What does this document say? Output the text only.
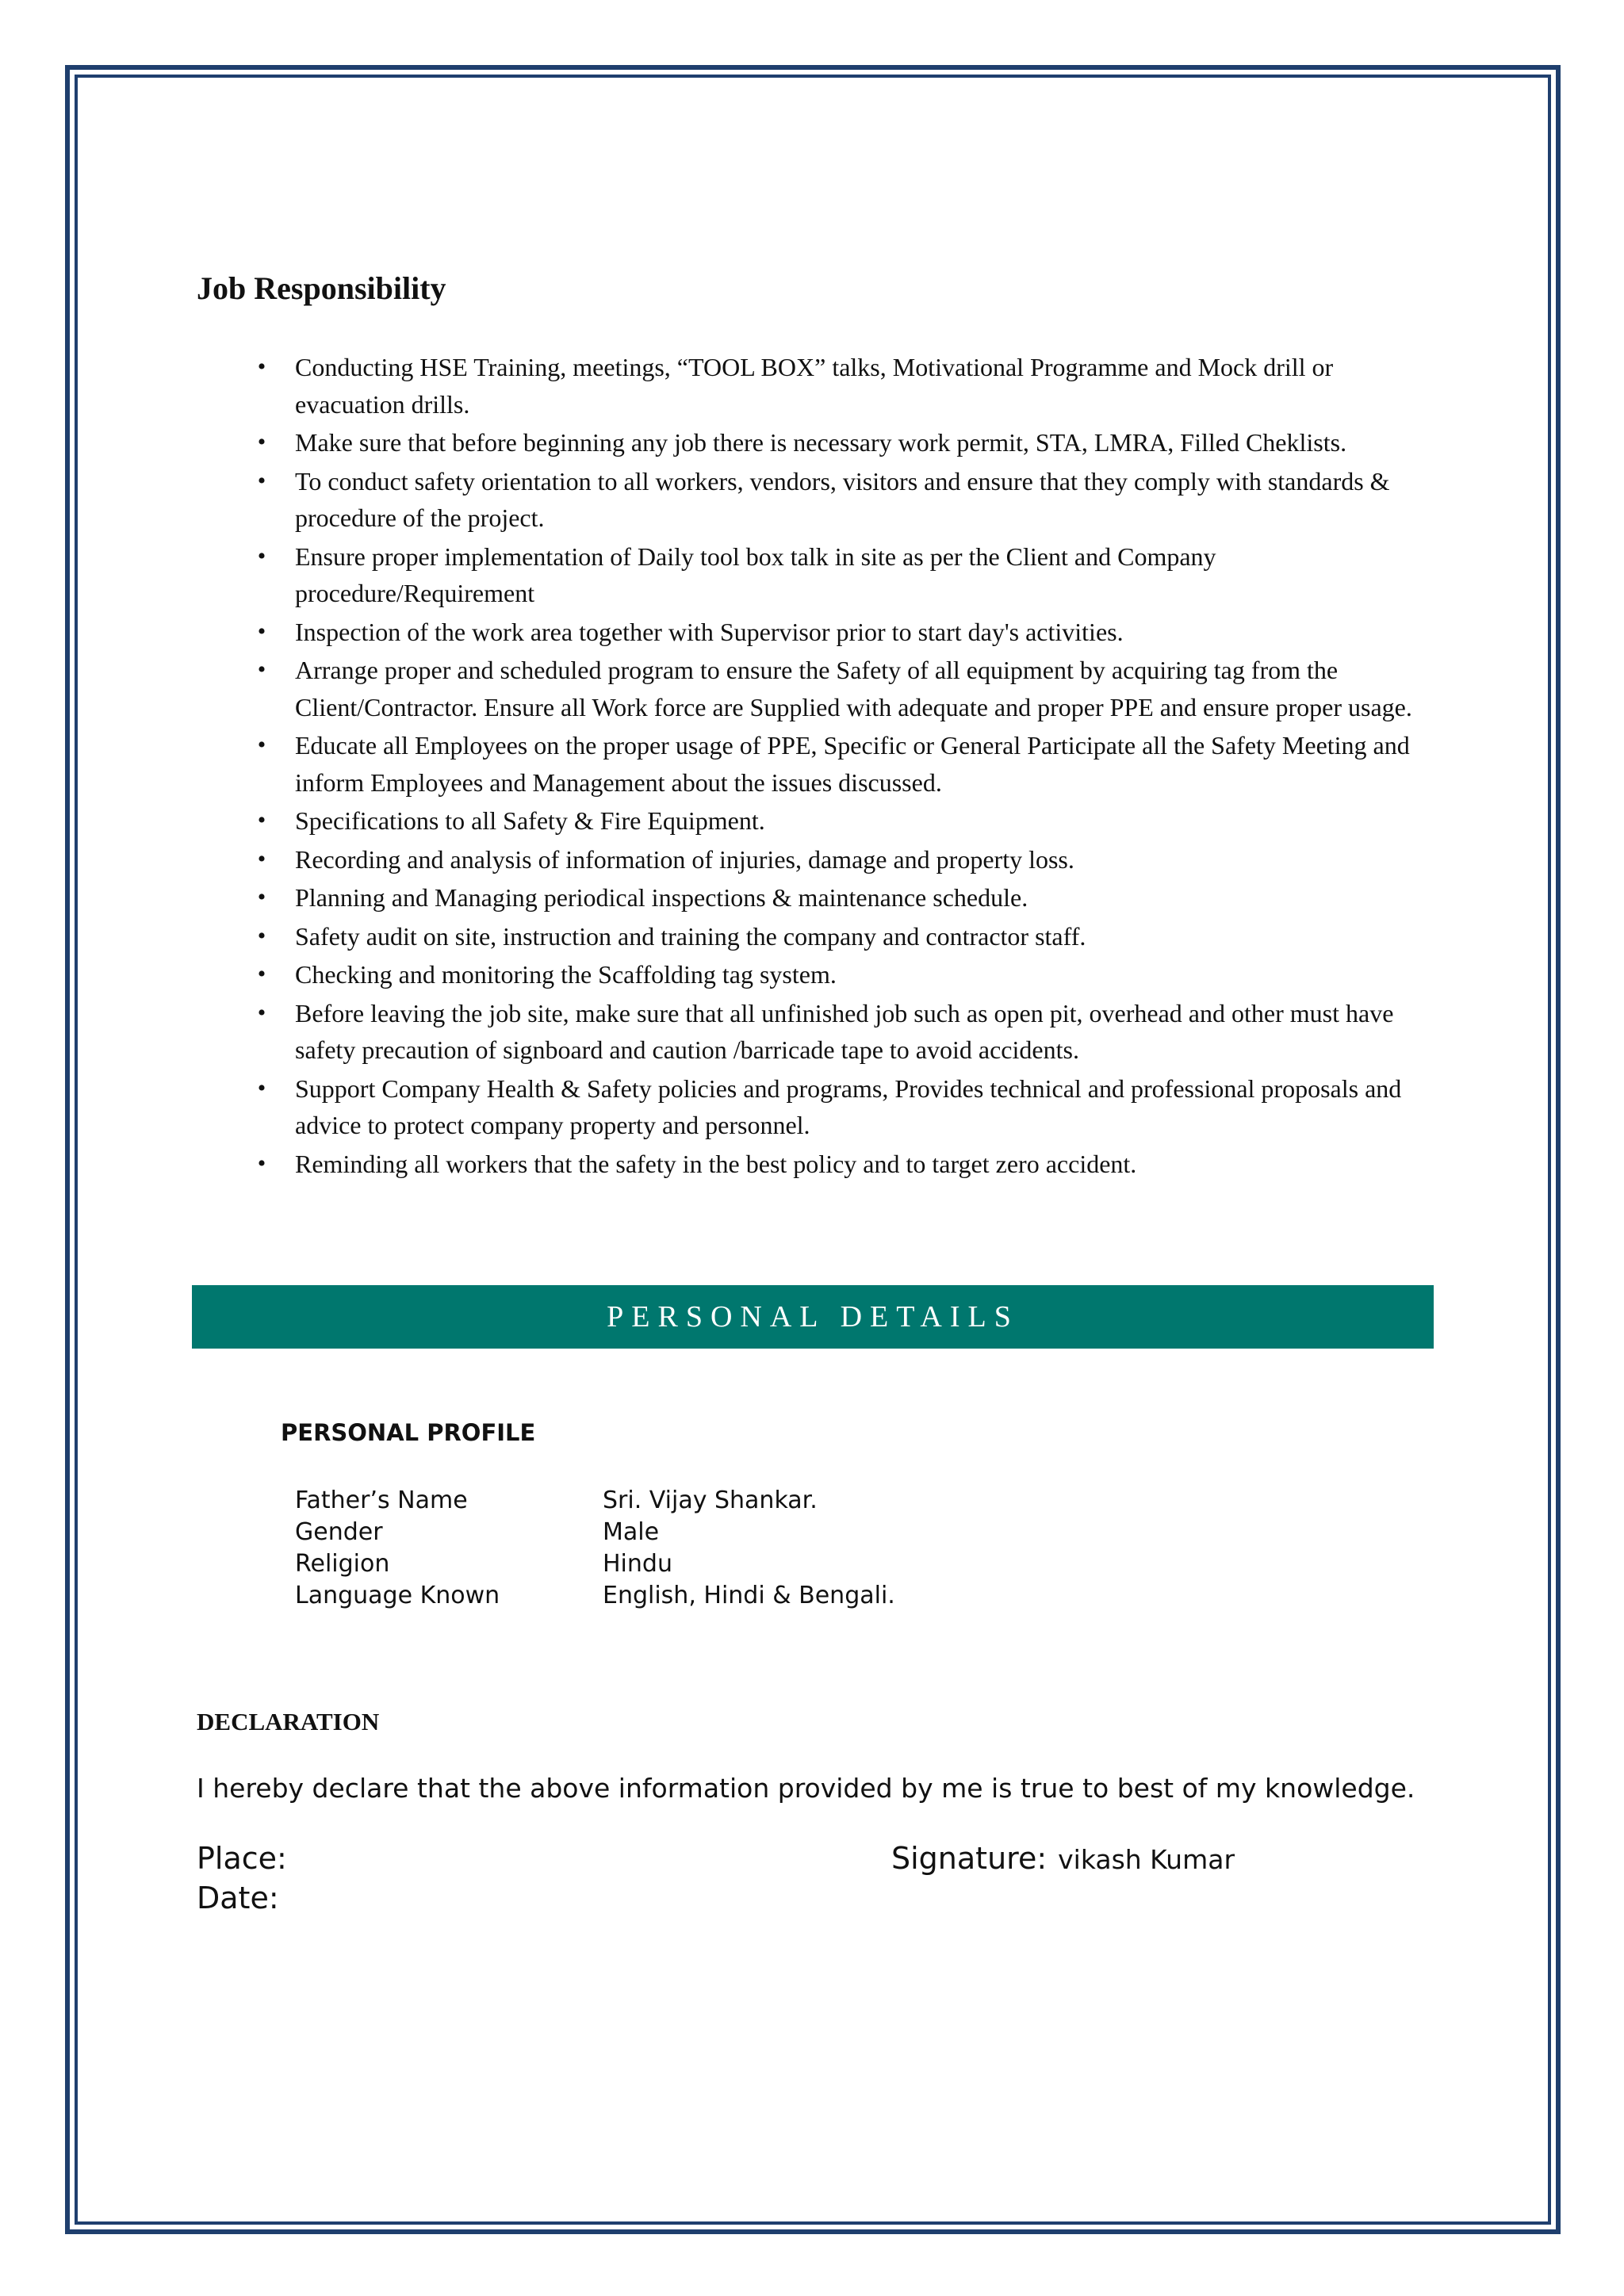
Job Responsibility
•	Conducting HSE Training, meetings, “TOOL BOX” talks, Motivational Programme and Mock drill or evacuation drills.
•	Make sure that before beginning any job there is necessary work permit, STA, LMRA, Filled Cheklists.
•	To conduct safety orientation to all workers, vendors, visitors and ensure that they comply with standards & procedure of the project.
•	Ensure proper implementation of Daily tool box talk in site as per the Client and Company procedure/Requirement
•	Inspection of the work area together with Supervisor prior to start day's activities.
•	Arrange proper and scheduled program to ensure the Safety of all equipment by acquiring tag from the Client/Contractor. Ensure all Work force are Supplied with adequate and proper PPE and ensure proper usage.
•	Educate all Employees on the proper usage of PPE, Specific or General Participate all the Safety Meeting and inform Employees and Management about the issues discussed.
•	Specifications to all Safety & Fire Equipment.
•	Recording and analysis of information of injuries, damage and property loss.
•	Planning and Managing periodical inspections & maintenance schedule.
•	Safety audit on site, instruction and training the company and contractor staff.
•	Checking and monitoring the Scaffolding tag system.
•	Before leaving the job site, make sure that all unfinished job such as open pit, overhead and other must have safety precaution of signboard and caution /barricade tape to avoid accidents.
•	Support Company Health & Safety policies and programs, Provides technical and professional proposals and advice to protect company property and personnel.
•	Reminding all workers that the safety in the best policy and to target zero accident.
PERSONAL DETAILS
PERSONAL PROFILE
Father’s Name	Sri. Vijay Shankar.
Gender	Male
Religion	Hindu
Language Known	English, Hindi & Bengali.
DECLARATION
I hereby declare that the above information provided by me is true to best of my knowledge.
Place:
Date:
Signature: vikash Kumar
